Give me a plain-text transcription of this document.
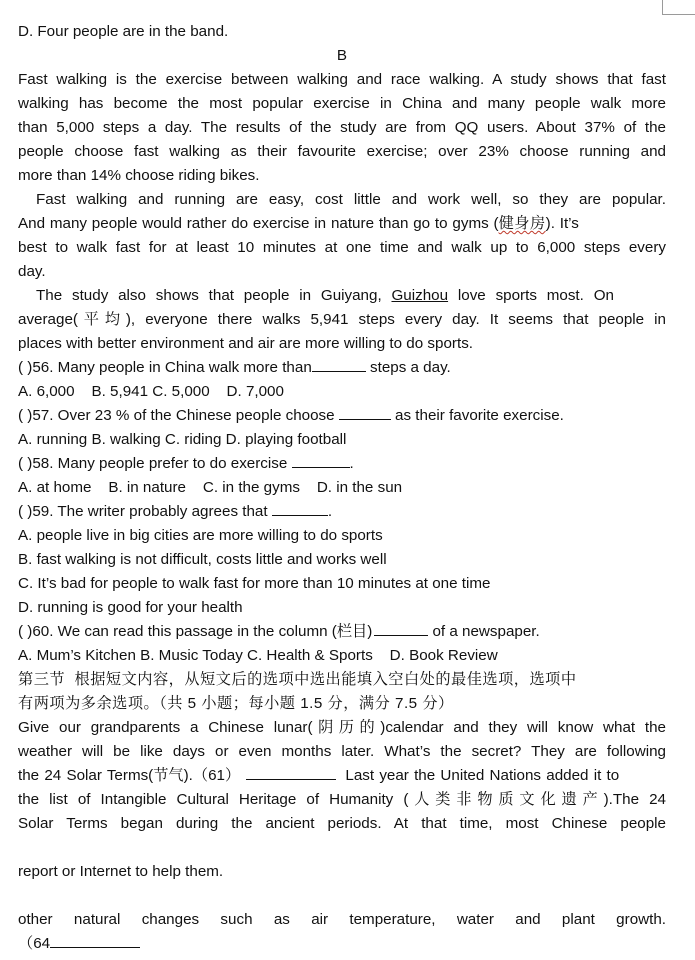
D. Four people are in the band.
B
Fast walking is the exercise between walking and race walking. A study shows that fast
walking has become the most popular exercise in China and many people walk more
than 5,000 steps a day. The results of the study are from QQ users. About 37% of the
people choose fast walking as their favourite exercise; over 23% choose running and
more than 14% choose riding bikes.
Fast walking and running are easy, cost little and work well, so they are popular.
And many people would rather do exercise in nature than go to gyms (健身房). It’s
best to walk fast for at least 10 minutes at one time and walk up to 6,000 steps every
day.
The study also shows that people in Guiyang, Guizhou love sports most. On
average(平均), everyone there walks 5,941 steps every day. It seems that people in
places with better environment and air are more willing to do sports.
( )56. Many people in China walk more than	steps a day.
A. 6,000    B. 5,941 C. 5,000    D. 7,000
( )57. Over 23 % of the Chinese people choose	as their favorite exercise.
A. running B. walking C. riding D. playing football
( )58. Many people prefer to do exercise	.
A. at home    B. in nature    C. in the gyms    D. in the sun
( )59. The writer probably agrees that	.
A. people live in big cities are more willing to do sports
B. fast walking is not difficult, costs little and works well
C. It’s bad for people to walk fast for more than 10 minutes at one time
D. running is good for your health
( )60. We can read this passage in the column (栏目)	of a newspaper.
A. Mum’s Kitchen B. Music Today C. Health & Sports    D. Book Review
第三节  根据短文内容，从短文后的选项中选出能填入空白处的最佳选项，选项中
有两项为多余选项。（共 5 小题；每小题 1.5 分，满分 7.5 分）
Give our grandparents a Chinese lunar(阴历的)calendar and they will know what the
weather will be like days or even months later. What’s the secret? They are following
the 24 Solar Terms(节气).（61）	Last year the United Nations added it to
the list of Intangible Cultural Heritage of Humanity (人类非物质文化遗产).The 24
Solar Terms began during the ancient periods. At that time, most Chinese people

report or Internet to help them.

other natural changes such as air temperature, water and plant growth.
（64
